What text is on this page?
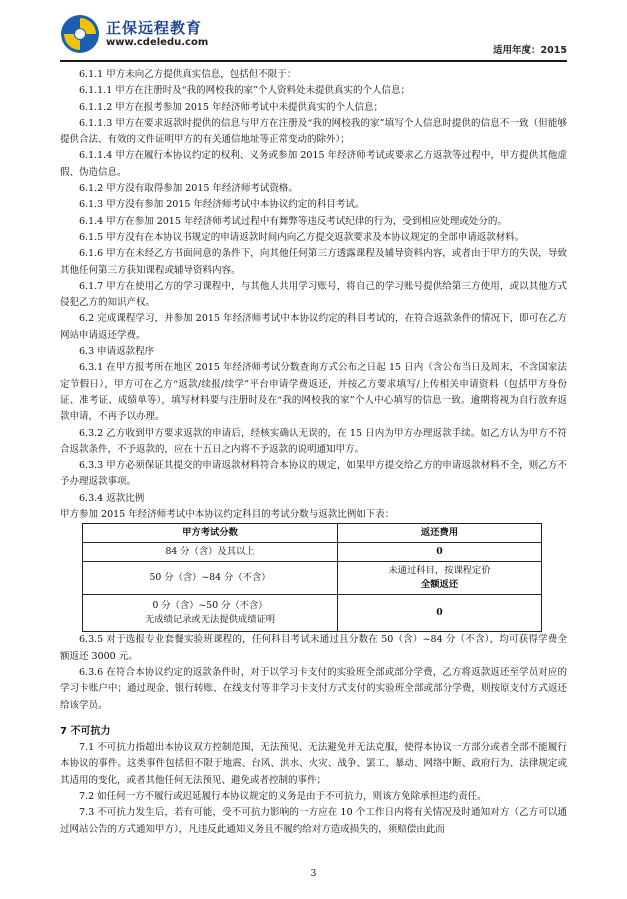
正保远程教育
www.cdeledu.com
适用年度：2015

6.1.1 甲方未向乙方提供真实信息，包括但不限于：

6.1.1.1 甲方在注册时及“我的网校我的家”个人资料处未提供真实的个人信息；

6.1.1.2 甲方在报考参加 2015 年经济师考试中未提供真实的个人信息；

6.1.1.3 甲方在要求返款时提供的信息与甲方在注册及“我的网校我的家”填写个人信息时提供的信息不一致（但能够提供合法、有效的文件证明甲方的有关通信地址等正常变动的除外）；

6.1.1.4 甲方在履行本协议约定的权利、义务或参加 2015 年经济师考试或要求乙方返款等过程中，甲方提供其他虚假、伪造信息。

6.1.2 甲方没有取得参加 2015 年经济师考试资格。

6.1.3 甲方没有参加 2015 年经济师考试中本协议约定的科目考试。

6.1.4 甲方在参加 2015 年经济师考试过程中有舞弊等违反考试纪律的行为，受到相应处理或处分的。

6.1.5 甲方没有在本协议书规定的申请返款时间内向乙方提交返款要求及本协议规定的全部申请返款材料。

6.1.6 甲方在未经乙方书面同意的条件下，向其他任何第三方透露课程及辅导资料内容，或者由于甲方的失误，导致其他任何第三方获知课程或辅导资料内容。

6.1.7 甲方在使用乙方的学习课程中，与其他人共用学习账号，将自己的学习账号提供给第三方使用，或以其他方式侵犯乙方的知识产权。

6.2 完成课程学习，并参加 2015 年经济师考试中本协议约定的科目考试的，在符合返款条件的情况下，即可在乙方网站申请返还学费。

6.3 申请返款程序

6.3.1 在甲方报考所在地区 2015 年经济师考试分数查询方式公布之日起 15 日内（含公布当日及周末，不含国家法定节假日），甲方可在乙方“返款/续报/续学”平台申请学费返还，并按乙方要求填写/上传相关申请资料（包括甲方身份证、准考证、成绩单等），填写材料要与注册时及在“我的网校我的家”个人中心填写的信息一致。逾期将视为自行放弃返款申请，不再予以办理。

6.3.2 乙方收到甲方要求返款的申请后，经核实确认无误的，在 15 日内为甲方办理返款手续。如乙方认为甲方不符合返款条件，不予返款的，应在十五日之内将不予返款的说明通知甲方。

6.3.3 甲方必须保证其提交的申请返款材料符合本协议的规定，如果甲方提交给乙方的申请返款材料不全，则乙方不予办理返款事项。

6.3.4 返款比例

甲方参加 2015 年经济师考试中本协议约定科目的考试分数与返款比例如下表：

甲方考试分数	返还费用
84 分（含）及其以上	0
50 分（含）~84 分（不含）	未通过科目，按课程定价
全额返还

0 分（含）~50 分（不含）
无成绩记录或无法提供成绩证明	0

6.3.5 对于选报专业套餐实验班课程的，任何科目考试未通过且分数在 50（含）~84 分（不含），均可获得学费全额返还 3000 元。

6.3.6 在符合本协议约定的返款条件时，对于以学习卡支付的实验班全部或部分学费，乙方将返款返还至学员对应的学习卡账户中；通过现金、银行转账、在线支付等非学习卡支付方式支付的实验班全部或部分学费，则按原支付方式返还给该学员。

7 不可抗力

7.1 不可抗力指超出本协议双方控制范围，无法预见、无法避免并无法克服，使得本协议一方部分或者全部不能履行本协议的事件。这类事件包括但不限于地震、台风、洪水、火灾、战争、罢工、暴动、网络中断、政府行为、法律规定或其适用的变化，或者其他任何无法预见、避免或者控制的事件；

7.2 如任何一方不履行或迟延履行本协议规定的义务是由于不可抗力，则该方免除承担违约责任。

7.3 不可抗力发生后，若有可能，受不可抗力影响的一方应在 10 个工作日内将有关情况及时通知对方（乙方可以通过网站公告的方式通知甲方），凡违反此通知义务且不履约给对方造成损失的，须赔偿由此而

3
